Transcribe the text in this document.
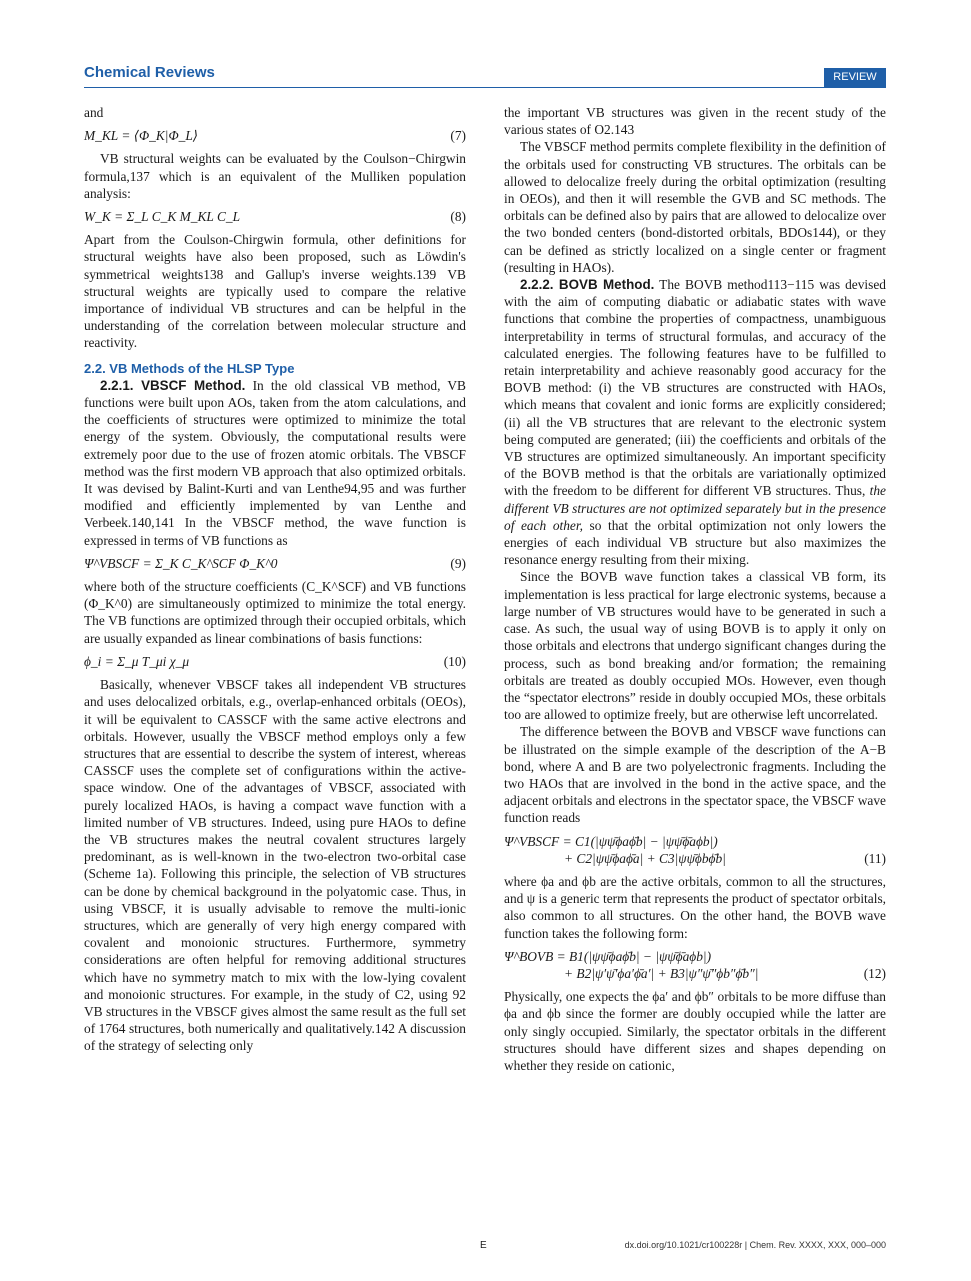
Chemical Reviews	REVIEW

and

M_KL = ⟨Φ_K|Φ_L⟩	(7)

VB structural weights can be evaluated by the Coulson−Chirgwin formula,137 which is an equivalent of the Mulliken population analysis:

W_K = Σ_L C_K M_KL C_L	(8)

Apart from the Coulson-Chirgwin formula, other definitions for structural weights have also been proposed, such as Löwdin's symmetrical weights138 and Gallup's inverse weights.139 VB structural weights are typically used to compare the relative importance of individual VB structures and can be helpful in the understanding of the correlation between molecular structure and reactivity.

2.2. VB Methods of the HLSP Type

2.2.1. VBSCF Method. In the old classical VB method, VB functions were built upon AOs, taken from the atom calculations, and the coefficients of structures were optimized to minimize the total energy of the system. Obviously, the computational results were extremely poor due to the use of frozen atomic orbitals. The VBSCF method was the first modern VB approach that also optimized orbitals. It was devised by Balint-Kurti and van Lenthe94,95 and was further modified and efficiently implemented by van Lenthe and Verbeek.140,141 In the VBSCF method, the wave function is expressed in terms of VB functions as

Ψ^VBSCF = Σ_K C_K^SCF Φ_K^0	(9)

where both of the structure coefficients (C_K^SCF) and VB functions (Φ_K^0) are simultaneously optimized to minimize the total energy. The VB functions are optimized through their occupied orbitals, which are usually expanded as linear combinations of basis functions:

ϕ_i = Σ_μ T_μi χ_μ	(10)

Basically, whenever VBSCF takes all independent VB structures and uses delocalized orbitals, e.g., overlap-enhanced orbitals (OEOs), it will be equivalent to CASSCF with the same active electrons and orbitals. However, usually the VBSCF method employs only a few structures that are essential to describe the system of interest, whereas CASSCF uses the complete set of configurations within the active-space window. One of the advantages of VBSCF, associated with purely localized HAOs, is having a compact wave function with a limited number of VB structures. Indeed, using pure HAOs to define the VB structures makes the neutral covalent structures largely predominant, as is well-known in the two-electron two-orbital case (Scheme 1a). Following this principle, the selection of VB structures can be done by chemical background in the polyatomic case. Thus, in using VBSCF, it is usually advisable to remove the multi-ionic structures, which are generally of very high energy compared with covalent and monoionic structures. Furthermore, symmetry considerations are often helpful for removing additional structures which have no symmetry match to mix with the low-lying covalent and monoionic structures. For example, in the study of C2, using 92 VB structures in the VBSCF gives almost the same result as the full set of 1764 structures, both numerically and qualitatively.142 A discussion of the strategy of selecting only

the important VB structures was given in the recent study of the various states of O2.143

The VBSCF method permits complete flexibility in the definition of the orbitals used for constructing VB structures. The orbitals can be allowed to delocalize freely during the orbital optimization (resulting in OEOs), and then it will resemble the GVB and SC methods. The orbitals can be defined also by pairs that are allowed to delocalize over the two bonded centers (bond-distorted orbitals, BDOs144), or they can be defined as strictly localized on a single center or fragment (resulting in HAOs).

2.2.2. BOVB Method. The BOVB method113−115 was devised with the aim of computing diabatic or adiabatic states with wave functions that combine the properties of compactness, unambiguous interpretability in terms of structural formulas, and accuracy of the calculated energies. The following features have to be fulfilled to retain interpretability and achieve reasonably good accuracy for the BOVB method: (i) the VB structures are constructed with HAOs, which means that covalent and ionic forms are explicitly considered; (ii) all the VB structures that are relevant to the electronic system being computed are generated; (iii) the coefficients and orbitals of the VB structures are optimized simultaneously. An important specificity of the BOVB method is that the orbitals are variationally optimized with the freedom to be different for different VB structures. Thus, the different VB structures are not optimized separately but in the presence of each other, so that the orbital optimization not only lowers the energies of each individual VB structure but also maximizes the resonance energy resulting from their mixing.

Since the BOVB wave function takes a classical VB form, its implementation is less practical for large electronic systems, because a large number of VB structures would have to be generated in such a case. As such, the usual way of using BOVB is to apply it only on those orbitals and electrons that undergo significant changes during the process, such as bond breaking and/or formation; the remaining orbitals are treated as doubly occupied MOs. However, even though the “spectator electrons” reside in doubly occupied MOs, these orbitals too are allowed to optimize freely, but are otherwise left uncorrelated.

The difference between the BOVB and VBSCF wave functions can be illustrated on the simple example of the description of the A−B bond, where A and B are two polyelectronic fragments. Including the two HAOs that are involved in the bond in the active space, and the adjacent orbitals and electrons in the spectator space, the VBSCF wave function reads

Ψ^VBSCF = C1(|ψψ̄ϕaϕ̄b| − |ψψ̄ϕ̄aϕb|)
+ C2|ψψ̄ϕaϕ̄a| + C3|ψψ̄ϕbϕ̄b|	(11)

where ϕa and ϕb are the active orbitals, common to all the structures, and ψ is a generic term that represents the product of spectator orbitals, also common to all structures. On the other hand, the BOVB wave function takes the following form:

Ψ^BOVB = B1(|ψψ̄ϕaϕ̄b| − |ψψ̄ϕ̄aϕb|)
+ B2|ψ′ψ̄′ϕa′ϕ̄a′| + B3|ψ″ψ̄″ϕb″ϕ̄b″|	(12)

Physically, one expects the ϕa′ and ϕb″ orbitals to be more diffuse than ϕa and ϕb since the former are doubly occupied while the latter are only singly occupied. Similarly, the spectator orbitals in the different structures should have different sizes and shapes depending on whether they reside on cationic,

E	dx.doi.org/10.1021/cr100228r | Chem. Rev. XXXX, XXX, 000–000
